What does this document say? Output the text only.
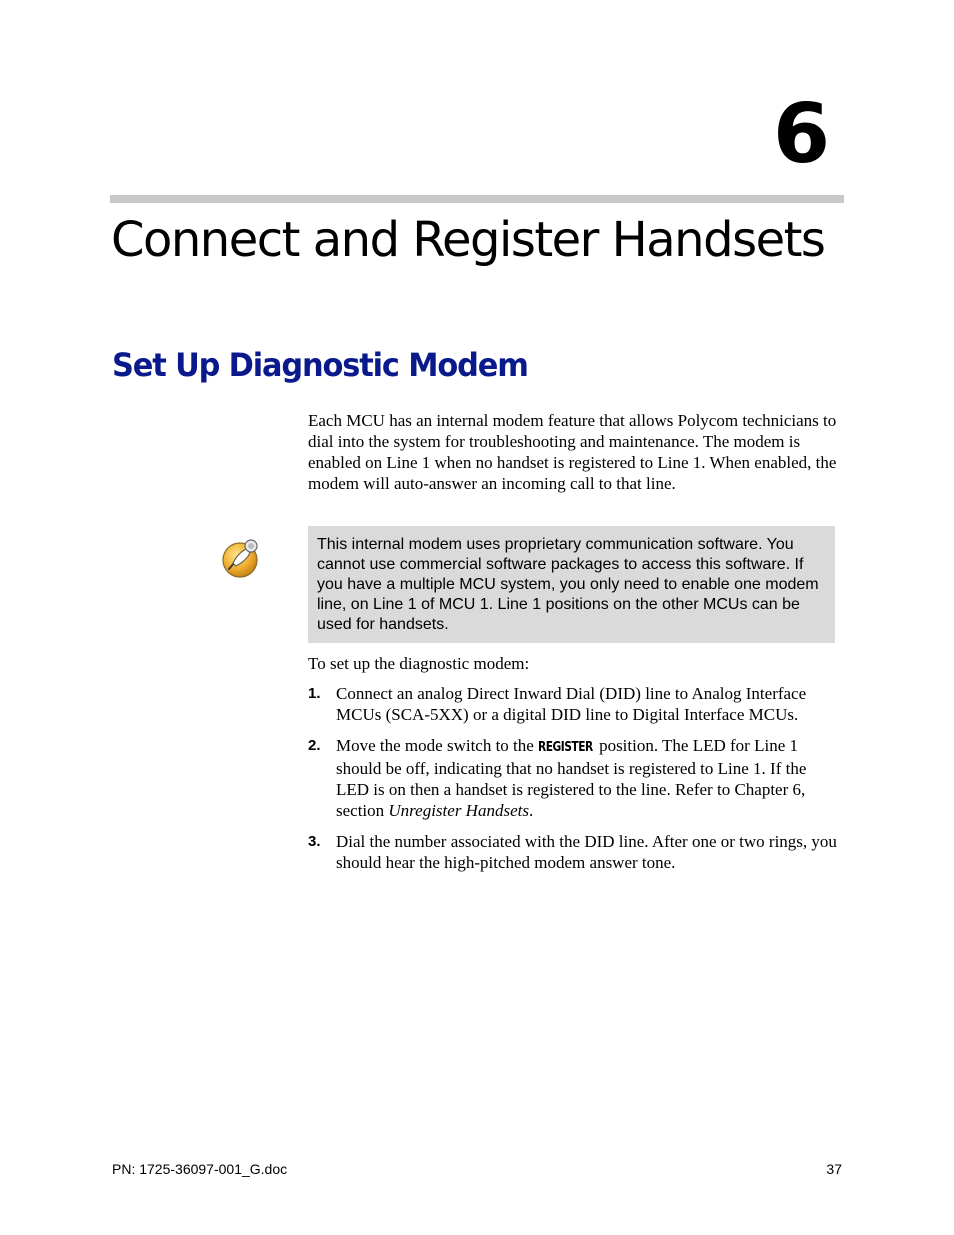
6
Connect and Register Handsets
Set Up Diagnostic Modem

Each MCU has an internal modem feature that allows Polycom technicians to dial into the system for troubleshooting and maintenance. The modem is enabled on Line 1 when no handset is registered to Line 1. When enabled, the modem will auto-answer an incoming call to that line.

This internal modem uses proprietary communication software. You cannot use commercial software packages to access this software. If you have a multiple MCU system, you only need to enable one modem line, on Line 1 of MCU 1. Line 1 positions on the other MCUs can be used for handsets.

To set up the diagnostic modem:

1. Connect an analog Direct Inward Dial (DID) line to Analog Interface MCUs (SCA-5XX) or a digital DID line to Digital Interface MCUs.
2. Move the mode switch to the REGISTER position. The LED for Line 1 should be off, indicating that no handset is registered to Line 1. If the LED is on then a handset is registered to the line. Refer to Chapter 6, section Unregister Handsets.
3. Dial the number associated with the DID line. After one or two rings, you should hear the high-pitched modem answer tone.
PN: 1725-36097-001_G.doc	37
